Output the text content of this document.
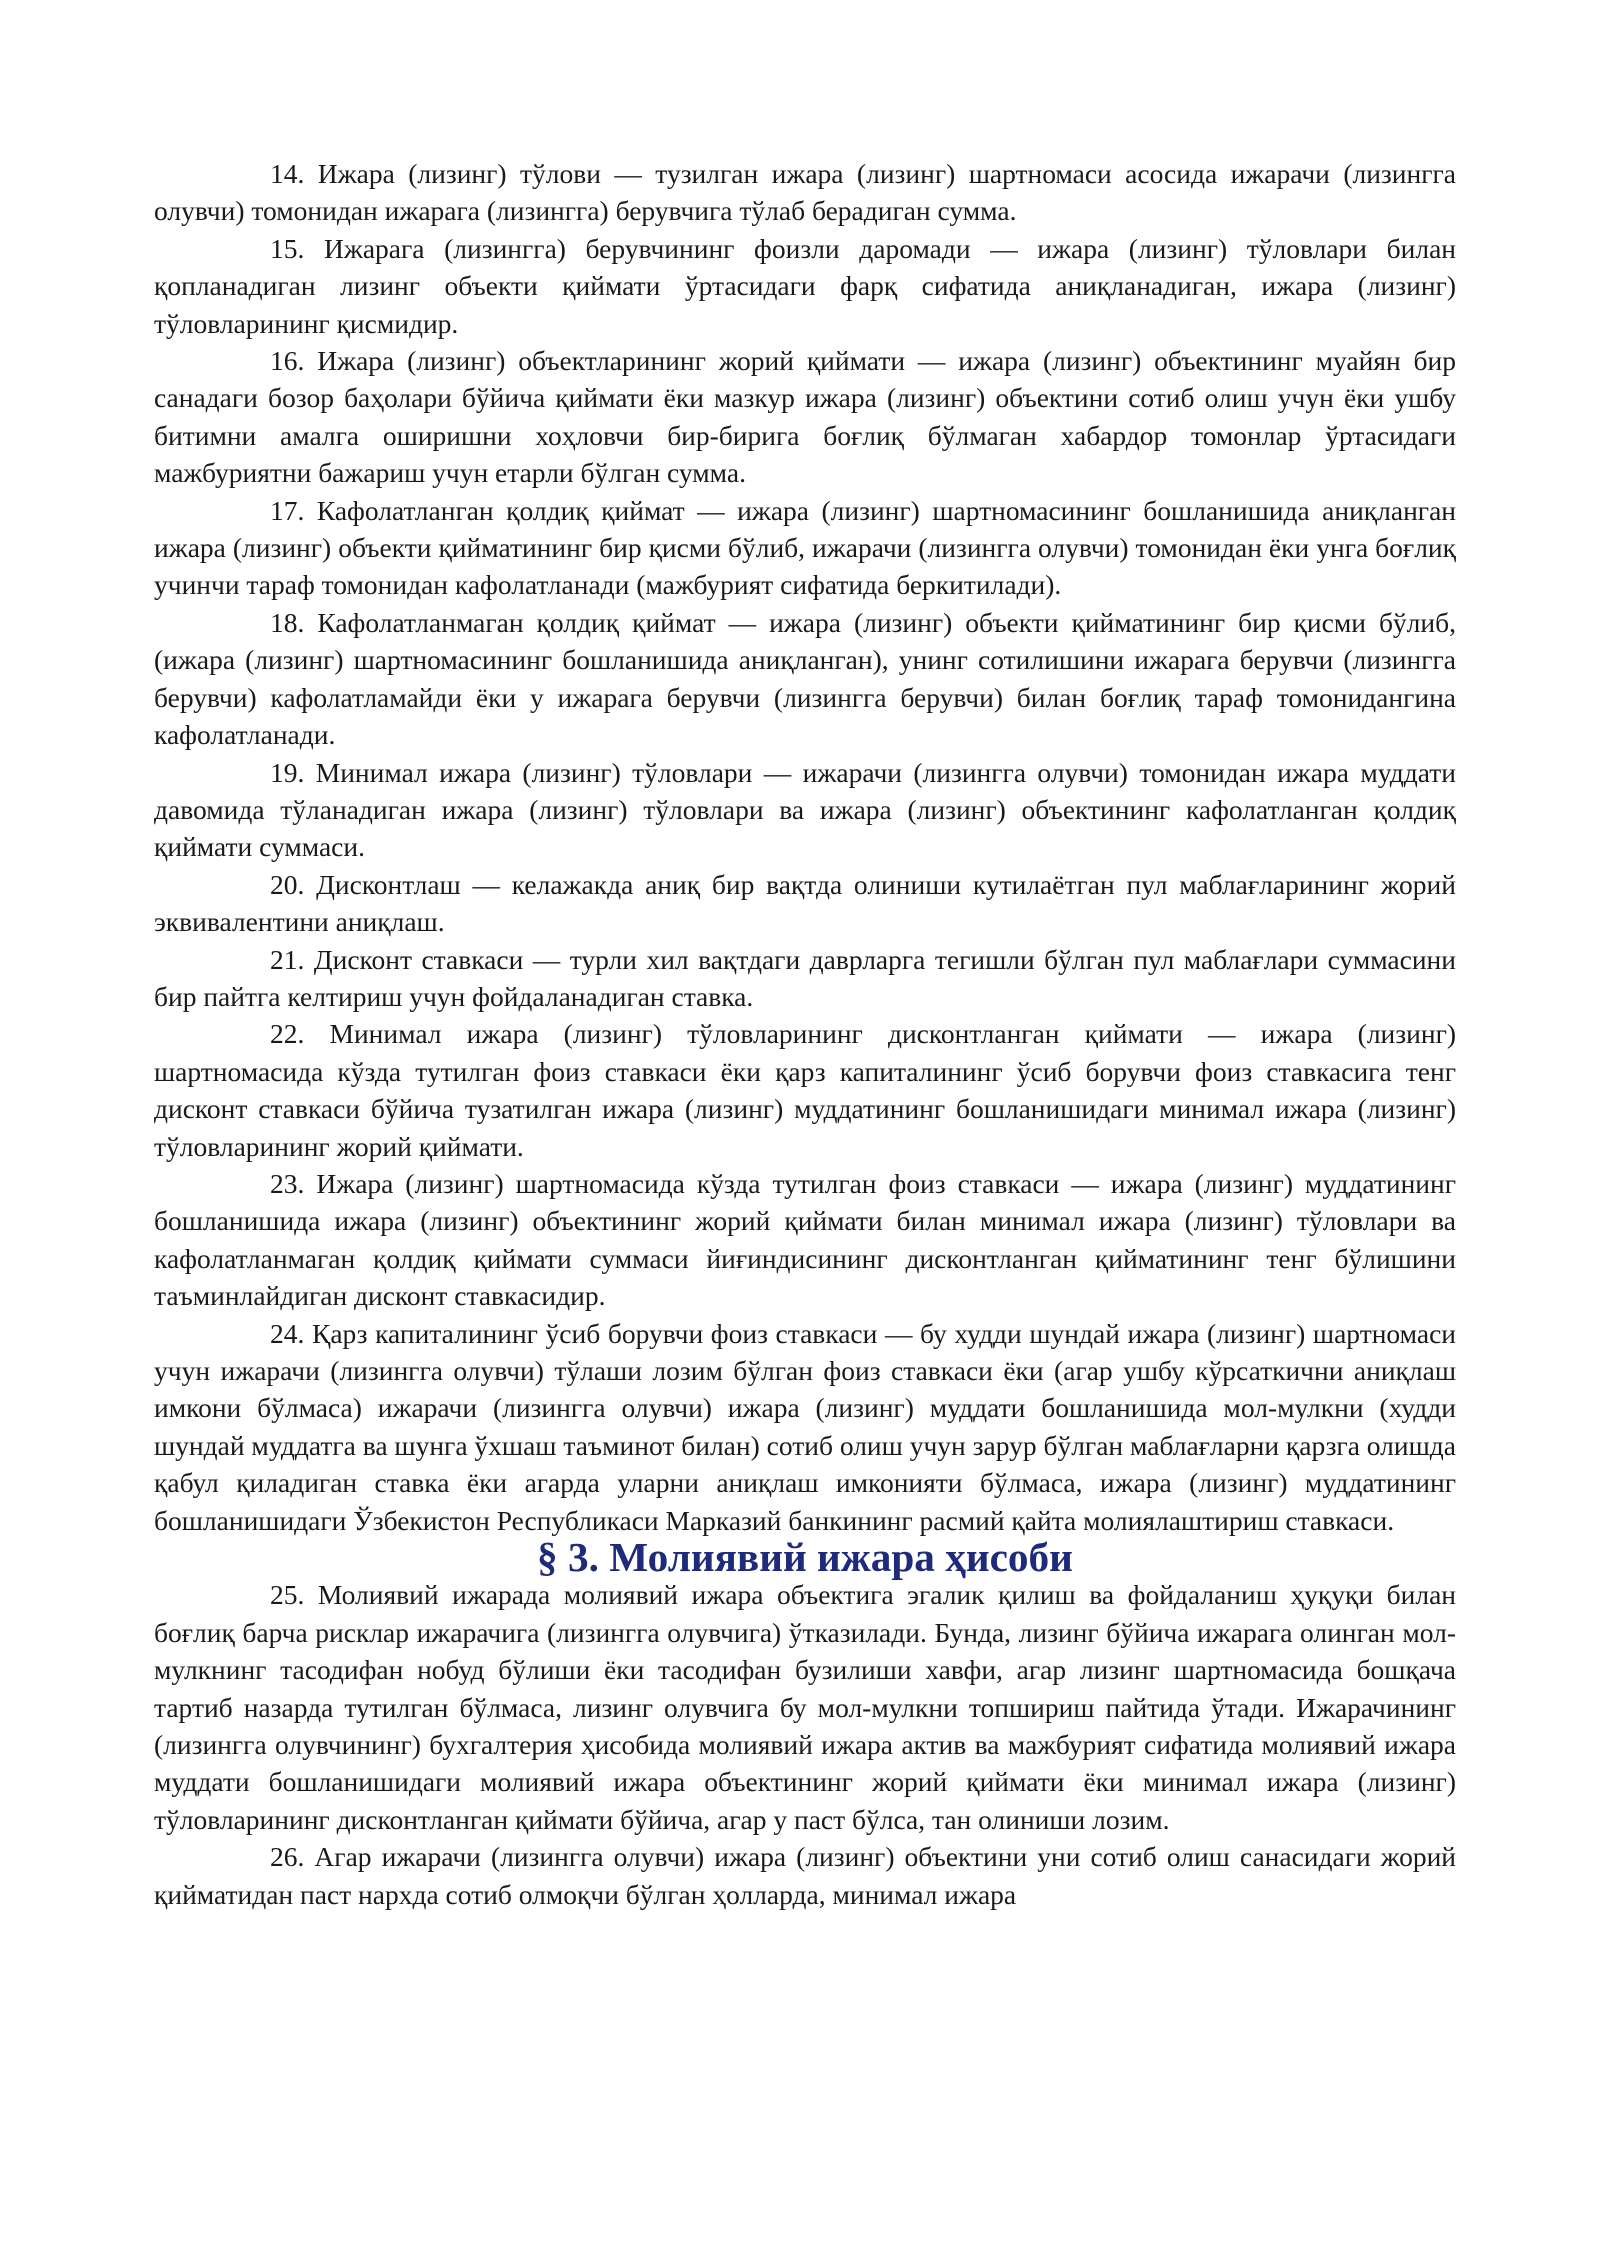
14. Ижара (лизинг) тўлови — тузилган ижара (лизинг) шартномаси асосида ижарачи (лизингга олувчи) томонидан ижарага (лизингга) берувчига тўлаб берадиган сумма.

15. Ижарага (лизингга) берувчининг фоизли даромади — ижара (лизинг) тўловлари билан қопланадиган лизинг объекти қиймати ўртасидаги фарқ сифатида аниқланадиган, ижара (лизинг) тўловларининг қисмидир.

16. Ижара (лизинг) объектларининг жорий қиймати — ижара (лизинг) объектининг муайян бир санадаги бозор баҳолари бўйича қиймати ёки мазкур ижара (лизинг) объектини сотиб олиш учун ёки ушбу битимни амалга оширишни хоҳловчи бир-бирига боғлиқ бўлмаган хабардор томонлар ўртасидаги мажбуриятни бажариш учун етарли бўлган сумма.

17. Кафолатланган қолдиқ қиймат — ижара (лизинг) шартномасининг бошланишида аниқланган ижара (лизинг) объекти қийматининг бир қисми бўлиб, ижарачи (лизингга олувчи) томонидан ёки унга боғлиқ учинчи тараф томонидан кафолатланади (мажбурият сифатида беркитилади).

18. Кафолатланмаган қолдиқ қиймат — ижара (лизинг) объекти қийматининг бир қисми бўлиб, (ижара (лизинг) шартномасининг бошланишида аниқланган), унинг сотилишини ижарага берувчи (лизингга берувчи) кафолатламайди ёки у ижарага берувчи (лизингга берувчи) билан боғлиқ тараф томонидангина кафолатланади.

19. Минимал ижара (лизинг) тўловлари — ижарачи (лизингга олувчи) томонидан ижара муддати давомида тўланадиган ижара (лизинг) тўловлари ва ижара (лизинг) объектининг кафолатланган қолдиқ қиймати суммаси.

20. Дисконтлаш — келажакда аниқ бир вақтда олиниши кутилаётган пул маблағларининг жорий эквивалентини аниқлаш.

21. Дисконт ставкаси — турли хил вақтдаги даврларга тегишли бўлган пул маблағлари суммасини бир пайтга келтириш учун фойдаланадиган ставка.

22. Минимал ижара (лизинг) тўловларининг дисконтланган қиймати — ижара (лизинг) шартномасида кўзда тутилган фоиз ставкаси ёки қарз капиталининг ўсиб борувчи фоиз ставкасига тенг дисконт ставкаси бўйича тузатилган ижара (лизинг) муддатининг бошланишидаги минимал ижара (лизинг) тўловларининг жорий қиймати.

23. Ижара (лизинг) шартномасида кўзда тутилган фоиз ставкаси — ижара (лизинг) муддатининг бошланишида ижара (лизинг) объектининг жорий қиймати билан минимал ижара (лизинг) тўловлари ва кафолатланмаган қолдиқ қиймати суммаси йиғиндисининг дисконтланган қийматининг тенг бўлишини таъминлайдиган дисконт ставкасидир.

24. Қарз капиталининг ўсиб борувчи фоиз ставкаси — бу худди шундай ижара (лизинг) шартномаси учун ижарачи (лизингга олувчи) тўлаши лозим бўлган фоиз ставкаси ёки (агар ушбу кўрсаткични аниқлаш имкони бўлмаса) ижарачи (лизингга олувчи) ижара (лизинг) муддати бошланишида мол-мулкни (худди шундай муддатга ва шунга ўхшаш таъминот билан) сотиб олиш учун зарур бўлган маблағларни қарзга олишда қабул қиладиган ставка ёки агарда уларни аниқлаш имконияти бўлмаса, ижара (лизинг) муддатининг бошланишидаги Ўзбекистон Республикаси Марказий банкининг расмий қайта молиялаштириш ставкаси.

§ 3. Молиявий ижара ҳисоби

25. Молиявий ижарада молиявий ижара объектига эгалик қилиш ва фойдаланиш ҳуқуқи билан боғлиқ барча рисклар ижарачига (лизингга олувчига) ўтказилади. Бунда, лизинг бўйича ижарага олинган мол-мулкнинг тасодифан нобуд бўлиши ёки тасодифан бузилиши хавфи, агар лизинг шартномасида бошқача тартиб назарда тутилган бўлмаса, лизинг олувчига бу мол-мулкни топшириш пайтида ўтади. Ижарачининг (лизингга олувчининг) бухгалтерия ҳисобида молиявий ижара актив ва мажбурият сифатида молиявий ижара муддати бошланишидаги молиявий ижара объектининг жорий қиймати ёки минимал ижара (лизинг) тўловларининг дисконтланган қиймати бўйича, агар у паст бўлса, тан олиниши лозим.

26. Агар ижарачи (лизингга олувчи) ижара (лизинг) объектини уни сотиб олиш санасидаги жорий қийматидан паст нархда сотиб олмоқчи бўлган ҳолларда, минимал ижара
